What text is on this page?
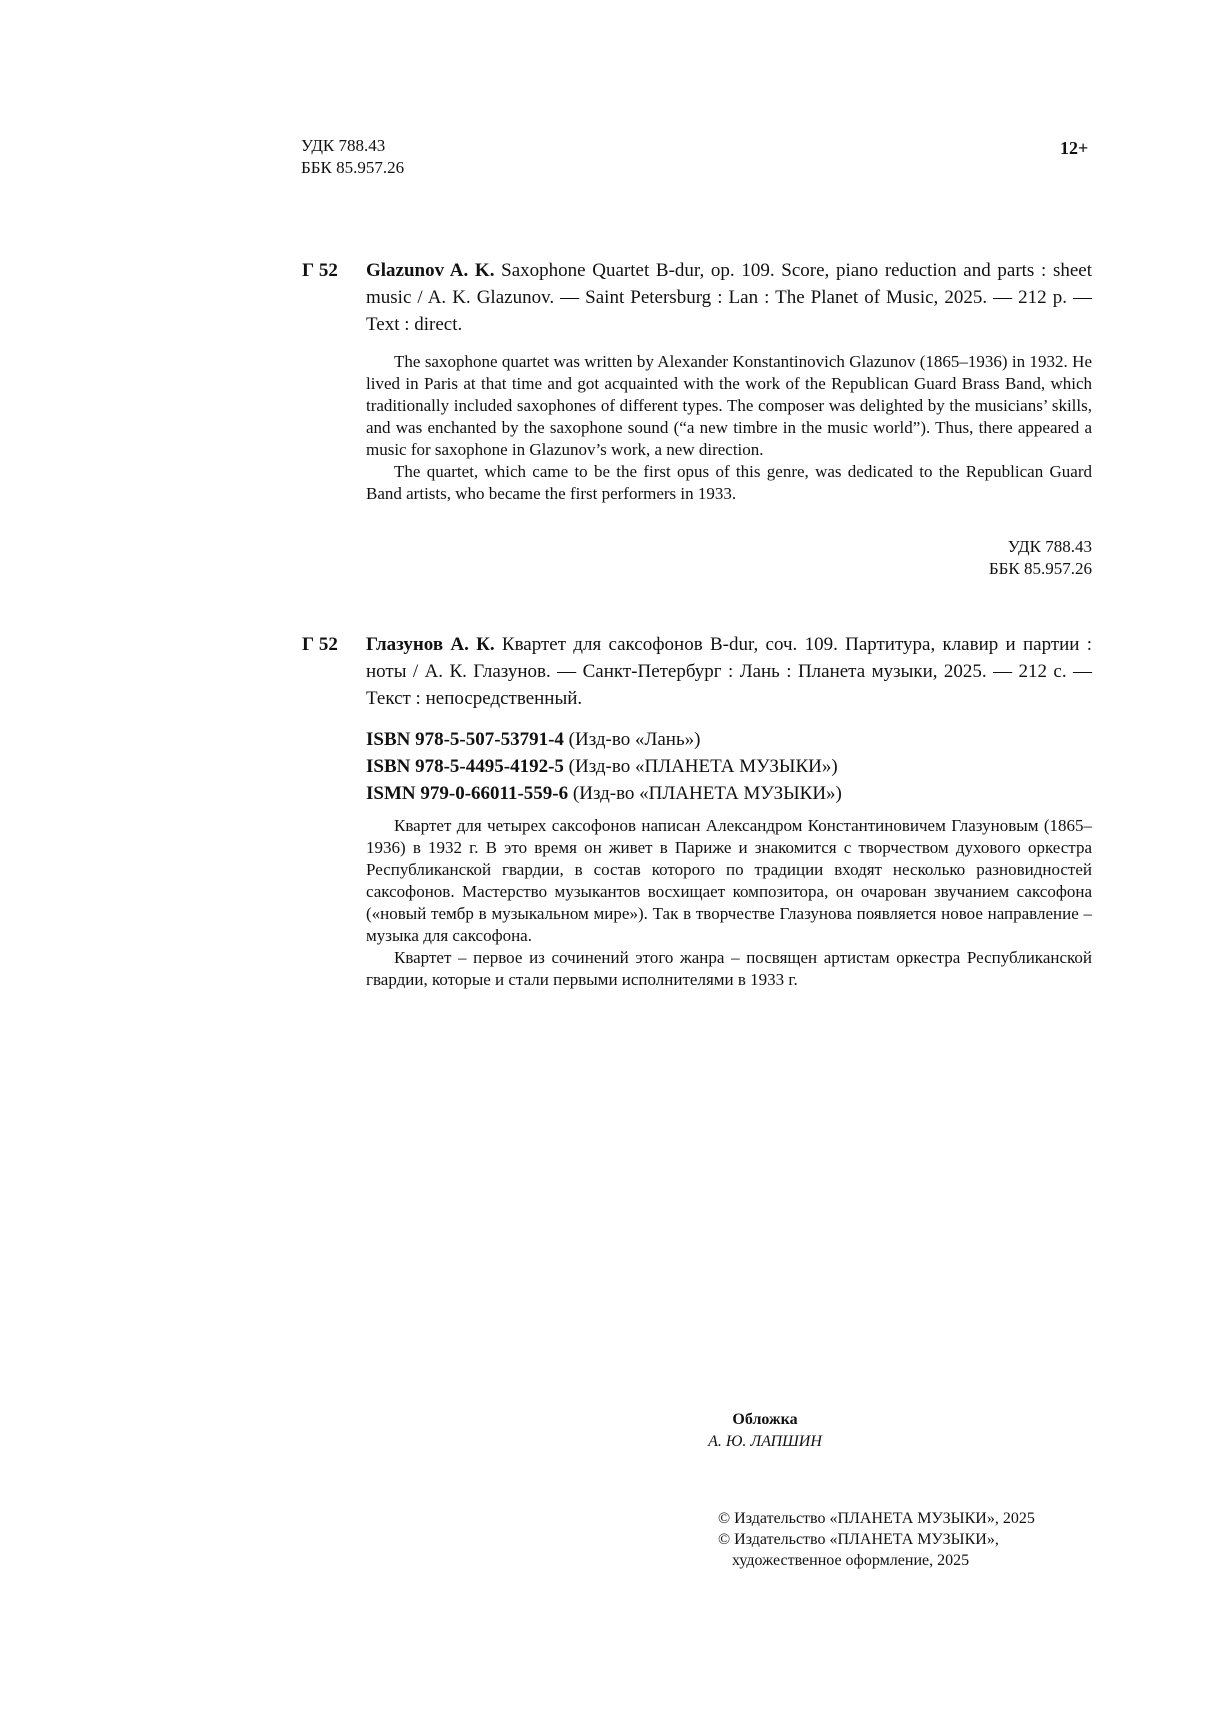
УДК 788.43
ББК 85.957.26
12+
Г 52 Glazunov A. K. Saxophone Quartet B-dur, op. 109. Score, piano reduction and parts : sheet music / A. K. Glazunov. — Saint Petersburg : Lan : The Planet of Music, 2025. — 212 p. — Text : direct.

The saxophone quartet was written by Alexander Konstantinovich Glazunov (1865–1936) in 1932. He lived in Paris at that time and got acquainted with the work of the Republican Guard Brass Band, which traditionally included saxophones of different types. The composer was delighted by the musicians’ skills, and was enchanted by the saxophone sound (“a new timbre in the music world”). Thus, there appeared a music for saxophone in Glazunov’s work, a new direction.

The quartet, which came to be the first opus of this genre, was dedicated to the Republican Guard Band artists, who became the first performers in 1933.

УДК 788.43
ББК 85.957.26
Г 52 Глазунов А. К. Квартет для саксофонов B-dur, соч. 109. Партитура, клавир и партии : ноты / А. К. Глазунов. — Санкт-Петербург : Лань : Планета музыки, 2025. — 212 с. — Текст : непосредственный.
ISBN 978-5-507-53791-4 (Изд-во «Лань»)
ISBN 978-5-4495-4192-5 (Изд-во «ПЛАНЕТА МУЗЫКИ»)
ISMN 979-0-66011-559-6 (Изд-во «ПЛАНЕТА МУЗЫКИ»)

Квартет для четырех саксофонов написан Александром Константиновичем Глазуновым (1865–1936) в 1932 г. В это время он живет в Париже и знакомится с творчеством духового оркестра Республиканской гвардии, в состав которого по традиции входят несколько разновидностей саксофонов. Мастерство музыкантов восхищает композитора, он очарован звучанием саксофона («новый тембр в музыкальном мире»). Так в творчестве Глазунова появляется новое направление – музыка для саксофона.

Квартет – первое из сочинений этого жанра – посвящен артистам оркестра Республиканской гвардии, которые и стали первыми исполнителями в 1933 г.

Обложка
А. Ю. ЛАПШИН
© Издательство «ПЛАНЕТА МУЗЫКИ», 2025
© Издательство «ПЛАНЕТА МУЗЫКИ»,
художественное оформление, 2025
